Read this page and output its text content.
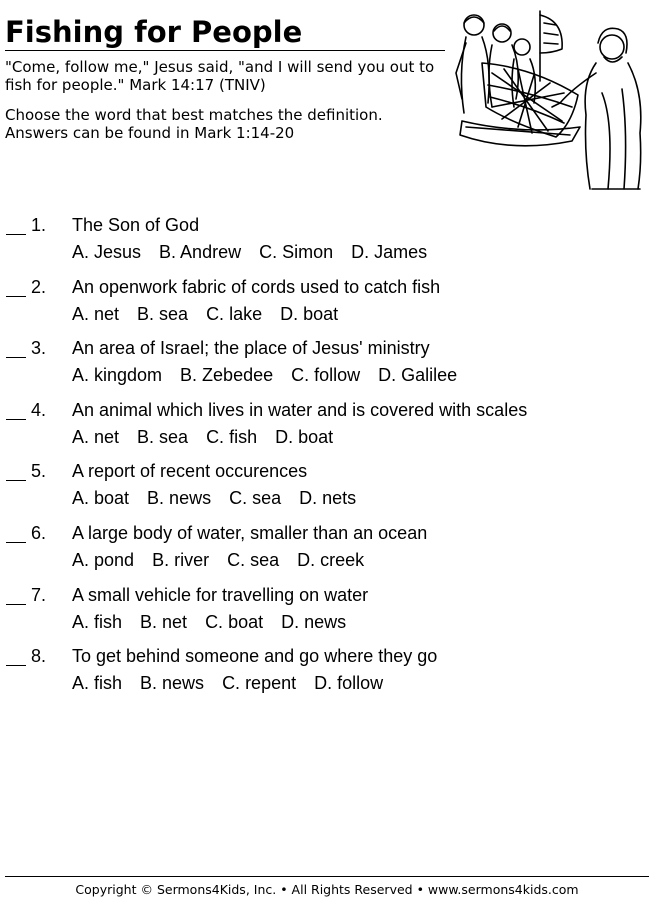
Fishing for People

"Come, follow me," Jesus said, "and I will send you out to fish for people." Mark 14:17 (TNIV)

Choose the word that best matches the definition. Answers can be found in Mark 1:14-20

1. The Son of God
A. Jesus B. Andrew C. Simon D. James
2. An openwork fabric of cords used to catch fish
A. net B. sea C. lake D. boat
3. An area of Israel; the place of Jesus' ministry
A. kingdom B. Zebedee C. follow D. Galilee
4. An animal which lives in water and is covered with scales
A. net B. sea C. fish D. boat
5. A report of recent occurences
A. boat B. news C. sea D. nets
6. A large body of water, smaller than an ocean
A. pond B. river C. sea D. creek
7. A small vehicle for travelling on water
A. fish B. net C. boat D. news
8. To get behind someone and go where they go
A. fish B. news C. repent D. follow
Copyright © Sermons4Kids, Inc. • All Rights Reserved • www.sermons4kids.com
